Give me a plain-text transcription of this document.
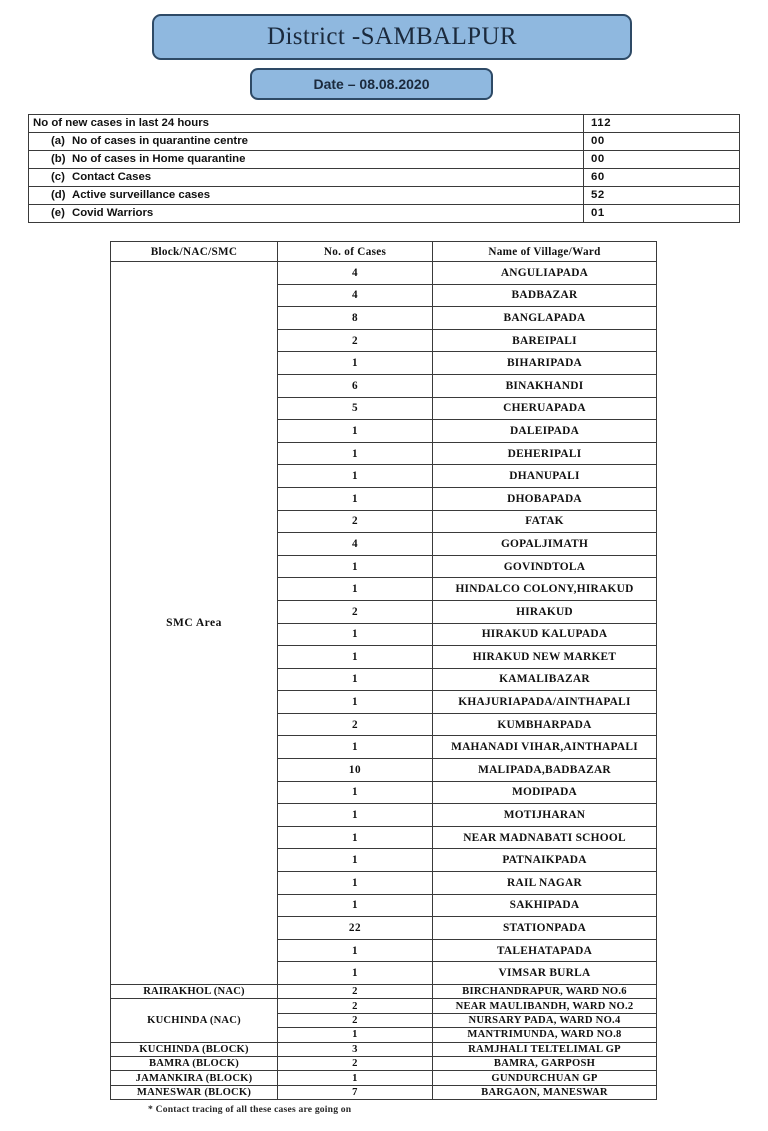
District -SAMBALPUR
Date – 08.08.2020
No of new cases in last 24 hours	112
(a) No of cases in quarantine centre	00
(b) No of cases in Home quarantine	00
(c) Contact Cases	60
(d) Active surveillance cases	52
(e) Covid Warriors	01
Block/NAC/SMC	No. of Cases	Name of Village/Ward
SMC Area	4	ANGULIAPADA
	4	BADBAZAR
	8	BANGLAPADA
	2	BAREIPALI
	1	BIHARIPADA
	6	BINAKHANDI
	5	CHERUAPADA
	1	DALEIPADA
	1	DEHERIPALI
	1	DHANUPALI
	1	DHOBAPADA
	2	FATAK
	4	GOPALJIMATH
	1	GOVINDTOLA
	1	HINDALCO COLONY,HIRAKUD
	2	HIRAKUD
	1	HIRAKUD KALUPADA
	1	HIRAKUD NEW MARKET
	1	KAMALIBAZAR
	1	KHAJURIAPADA/AINTHAPALI
	2	KUMBHARPADA
	1	MAHANADI VIHAR,AINTHAPALI
	10	MALIPADA,BADBAZAR
	1	MODIPADA
	1	MOTIJHARAN
	1	NEAR MADNABATI SCHOOL
	1	PATNAIKPADA
	1	RAIL NAGAR
	1	SAKHIPADA
	22	STATIONPADA
	1	TALEHATAPADA
	1	VIMSAR BURLA
RAIRAKHOL (NAC)	2	BIRCHANDRAPUR, WARD NO.6
KUCHINDA (NAC)	2	NEAR MAULIBANDH, WARD NO.2
	2	NURSARY PADA, WARD NO.4
	1	MANTRIMUNDA, WARD NO.8
KUCHINDA (BLOCK)	3	RAMJHALI TELTELIMAL GP
BAMRA (BLOCK)	2	BAMRA, GARPOSH
JAMANKIRA (BLOCK)	1	GUNDURCHUAN GP
MANESWAR (BLOCK)	7	BARGAON, MANESWAR
* Contact tracing of all these cases are going on
